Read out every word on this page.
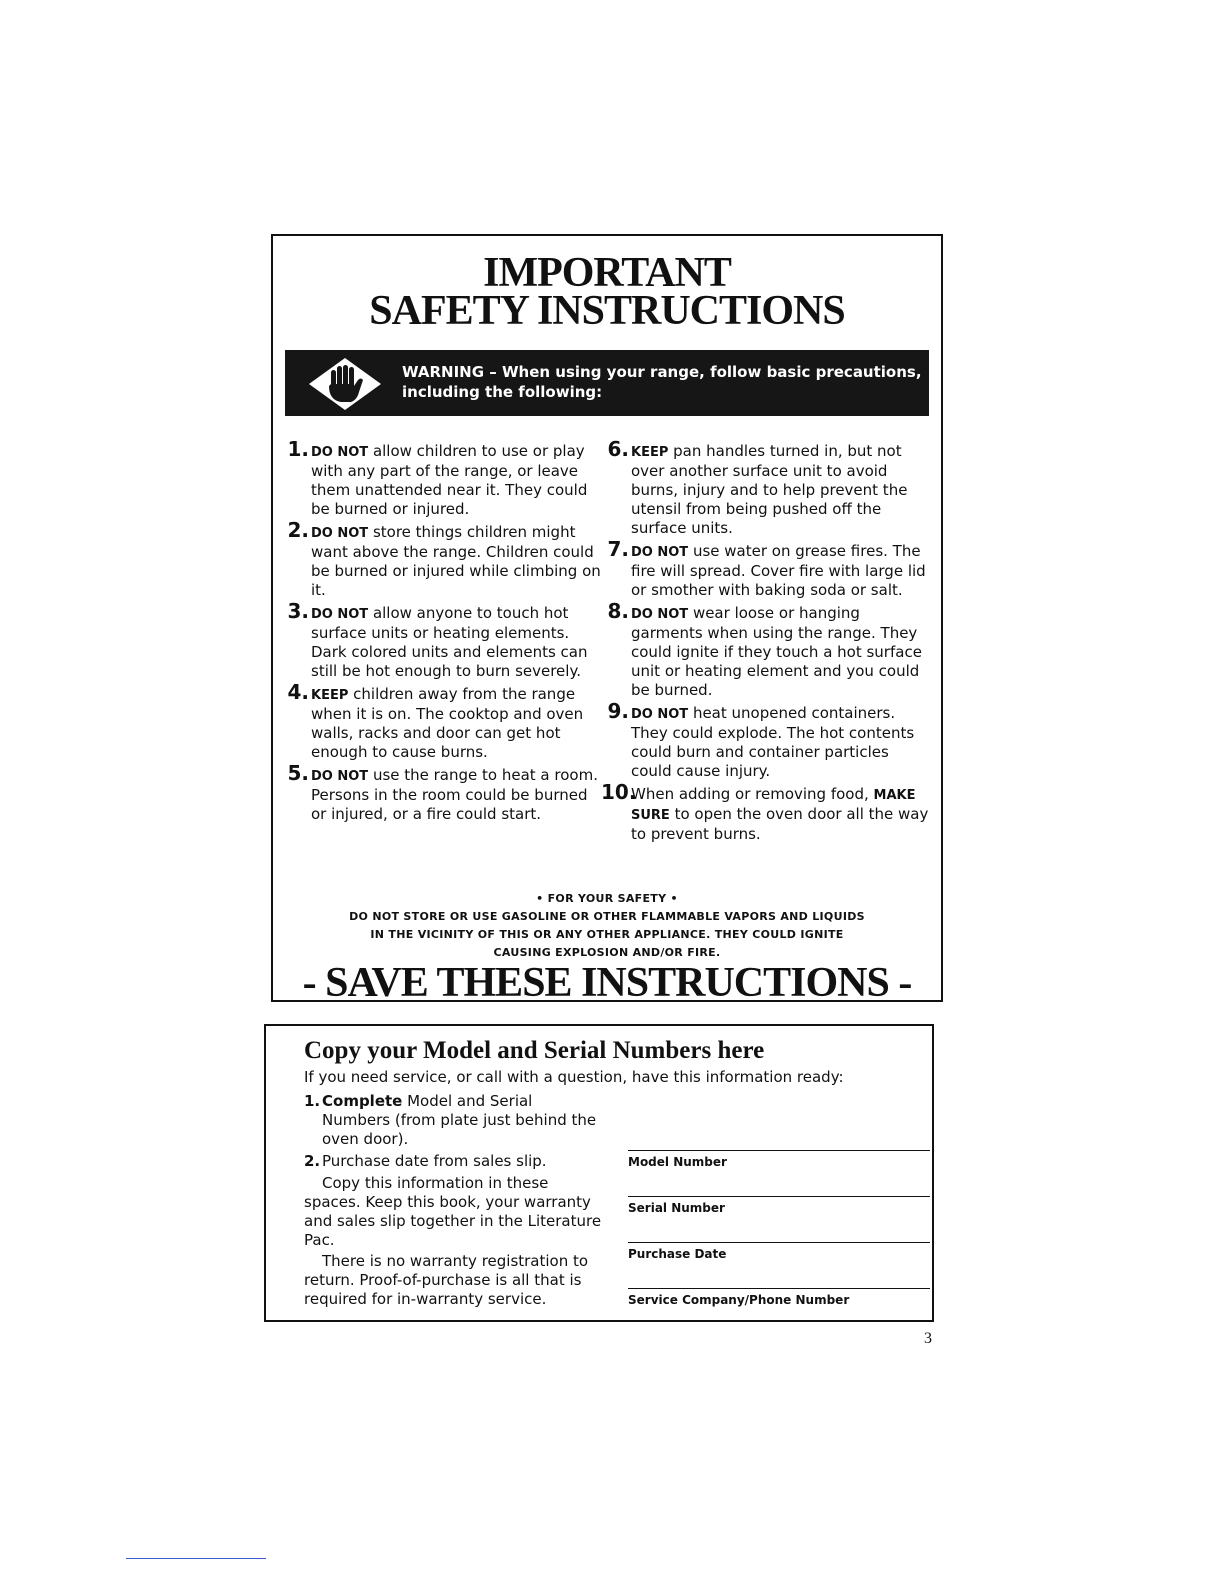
IMPORTANT
SAFETY INSTRUCTIONS
WARNING – When using your range, follow basic precautions,
including the following:
1. DO NOT allow children to use or play with any part of the range, or leave them unattended near it. They could be burned or injured.
2. DO NOT store things children might want above the range. Children could be burned or injured while climbing on it.
3. DO NOT allow anyone to touch hot surface units or heating elements. Dark colored units and elements can still be hot enough to burn severely.
4. KEEP children away from the range when it is on. The cooktop and oven walls, racks and door can get hot enough to cause burns.
5. DO NOT use the range to heat a room. Persons in the room could be burned or injured, or a fire could start.
6. KEEP pan handles turned in, but not over another surface unit to avoid burns, injury and to help prevent the utensil from being pushed off the surface units.
7. DO NOT use water on grease fires. The fire will spread. Cover fire with large lid or smother with baking soda or salt.
8. DO NOT wear loose or hanging garments when using the range. They could ignite if they touch a hot surface unit or heating element and you could be burned.
9. DO NOT heat unopened containers. They could explode. The hot contents could burn and container particles could cause injury.
10.
When adding or removing food, MAKE SURE to open the oven door all the way to prevent burns.
• FOR YOUR SAFETY •
DO NOT STORE OR USE GASOLINE OR OTHER FLAMMABLE VAPORS AND LIQUIDS
IN THE VICINITY OF THIS OR ANY OTHER APPLIANCE. THEY COULD IGNITE
CAUSING EXPLOSION AND/OR FIRE.
- SAVE THESE INSTRUCTIONS -
Copy your Model and Serial Numbers here
If you need service, or call with a question, have this information ready:
1. Complete Model and Serial Numbers (from plate just behind the oven door).
2. Purchase date from sales slip.
Copy this information in these spaces. Keep this book, your warranty and sales slip together in the Literature Pac.
There is no warranty registration to return. Proof-of-purchase is all that is required for in-warranty service.
Model Number
Serial Number
Purchase Date
Service Company/Phone Number
3
